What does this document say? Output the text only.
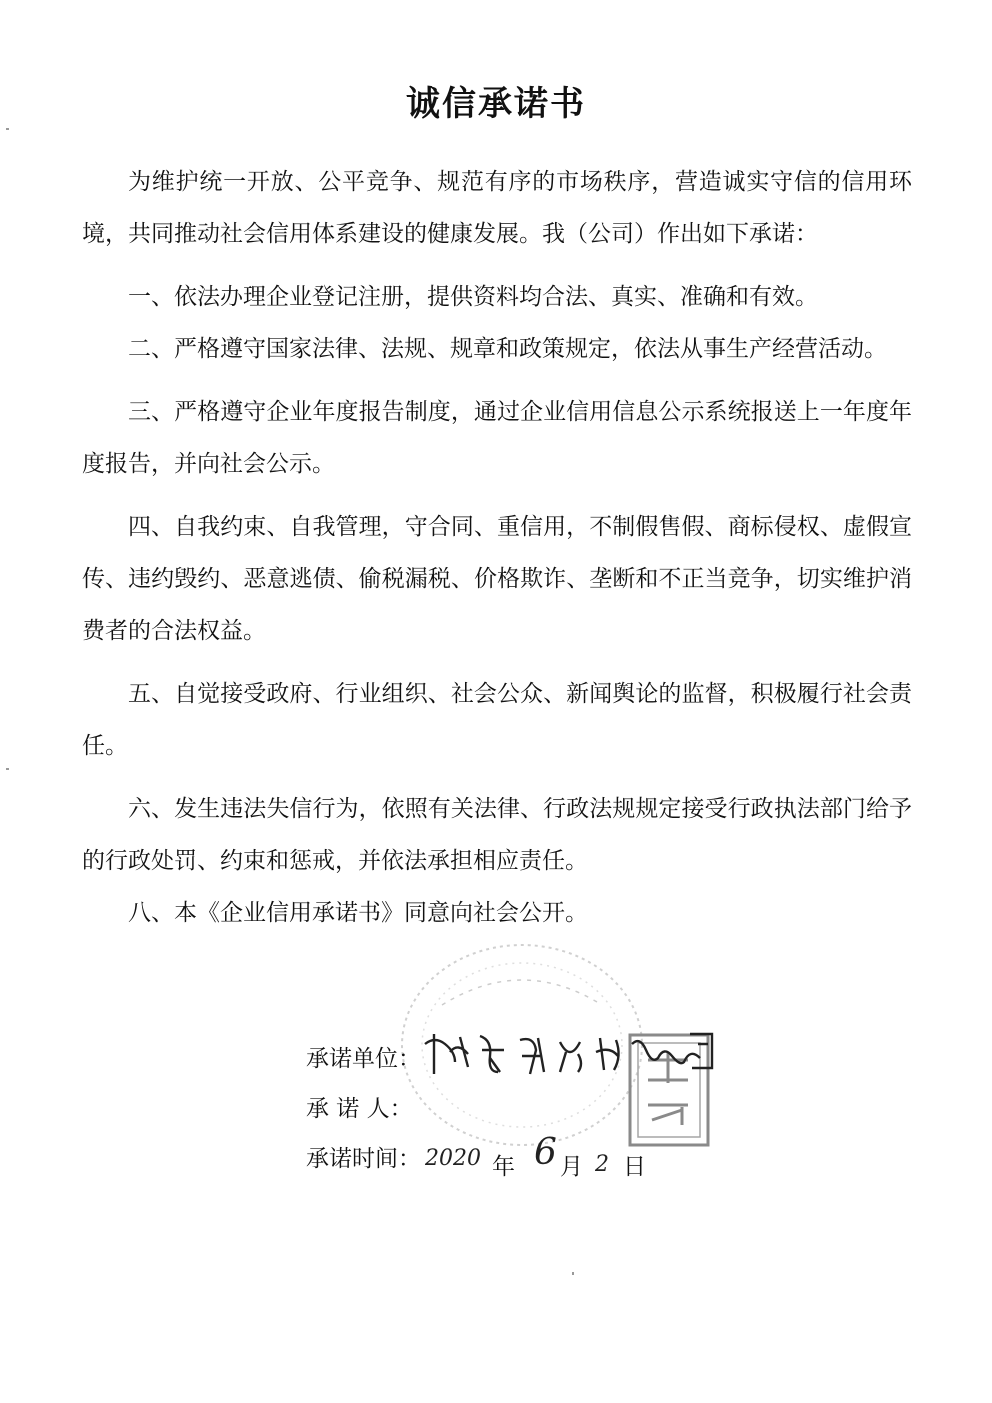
诚信承诺书

为维护统一开放、公平竞争、规范有序的市场秩序，营造诚实守信的信用环境，共同推动社会信用体系建设的健康发展。我（公司）作出如下承诺：

一、依法办理企业登记注册，提供资料均合法、真实、准确和有效。

二、严格遵守国家法律、法规、规章和政策规定，依法从事生产经营活动。

三、严格遵守企业年度报告制度，通过企业信用信息公示系统报送上一年度年度报告，并向社会公示。

四、自我约束、自我管理，守合同、重信用，不制假售假、商标侵权、虚假宣传、违约毁约、恶意逃债、偷税漏税、价格欺诈、垄断和不正当竞争，切实维护消费者的合法权益。

五、自觉接受政府、行业组织、社会公众、新闻舆论的监督，积极履行社会责任。

六、发生违法失信行为，依照有关法律、行政法规规定接受行政执法部门给予的行政处罚、约束和惩戒，并依法承担相应责任。

八、本《企业信用承诺书》同意向社会公开。

承诺单位：
承 诺 人：
承诺时间： 2020 年 6 月 2 日
